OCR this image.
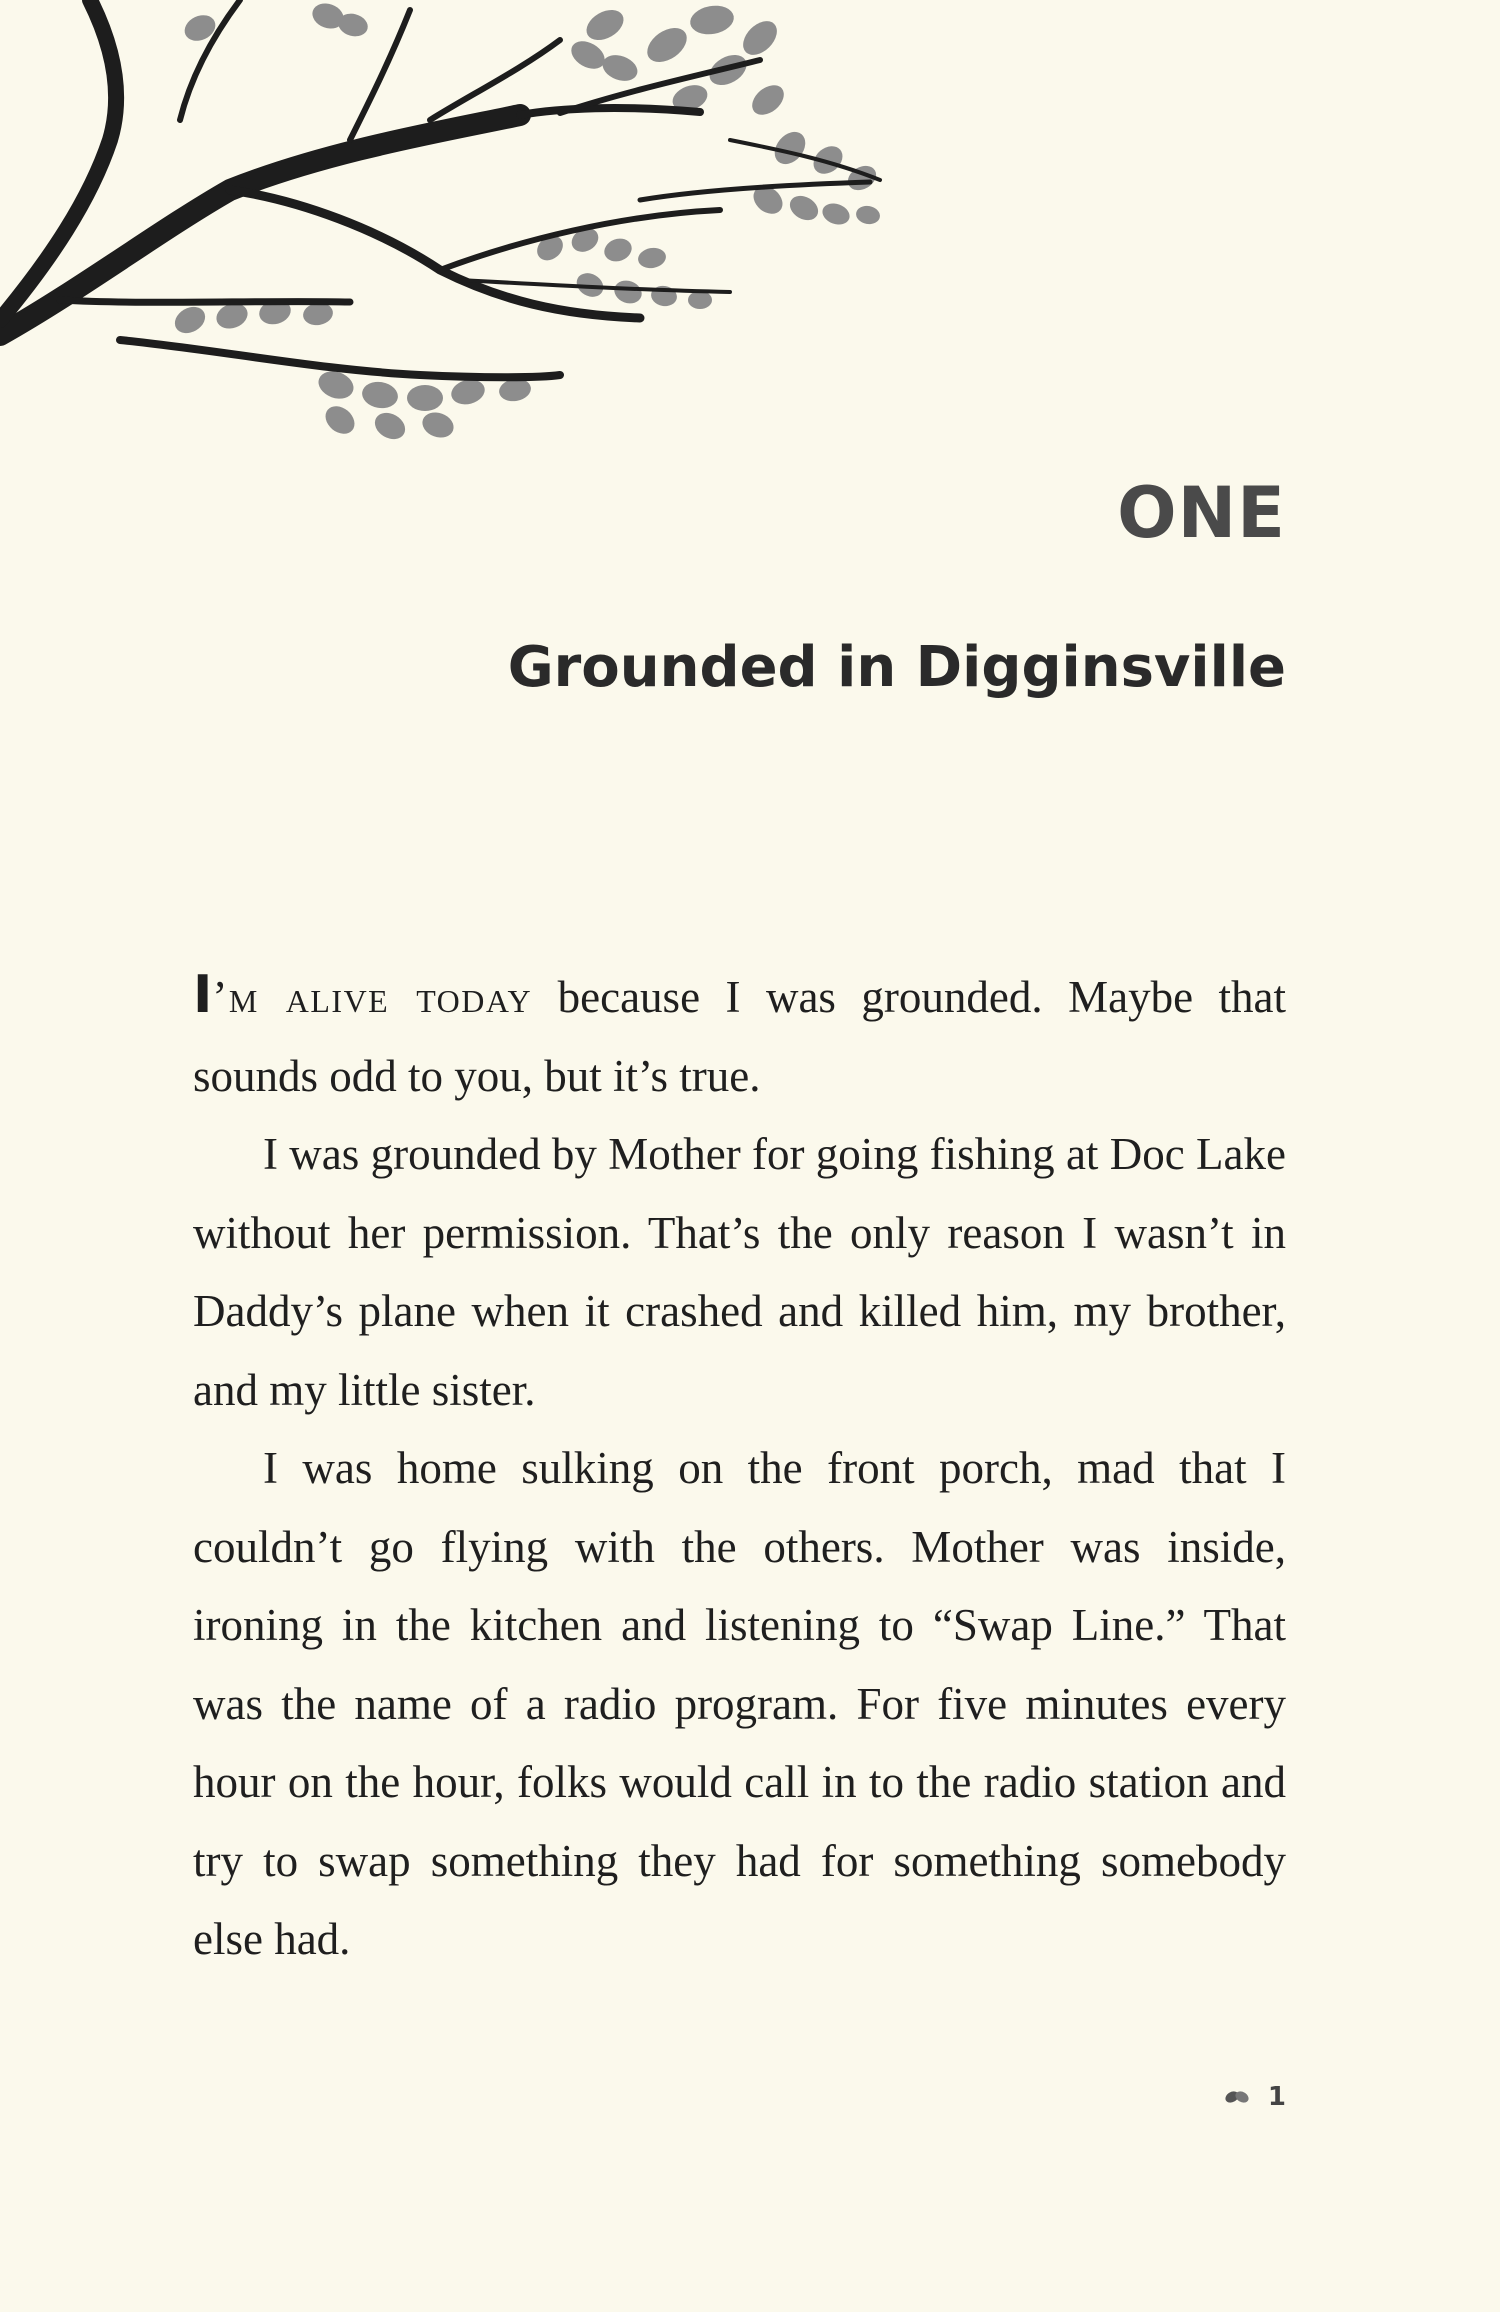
ONE
Grounded in Digginsville

I’m alive today because I was grounded. Maybe that sounds odd to you, but it’s true.

I was grounded by Mother for going fishing at Doc Lake without her permission. That’s the only reason I wasn’t in Daddy’s plane when it crashed and killed him, my brother, and my little sister.

I was home sulking on the front porch, mad that I couldn’t go flying with the others. Mother was inside, ironing in the kitchen and listening to “Swap Line.” That was the name of a radio program. For five minutes every hour on the hour, folks would call in to the radio station and try to swap something they had for something somebody else had.

1
